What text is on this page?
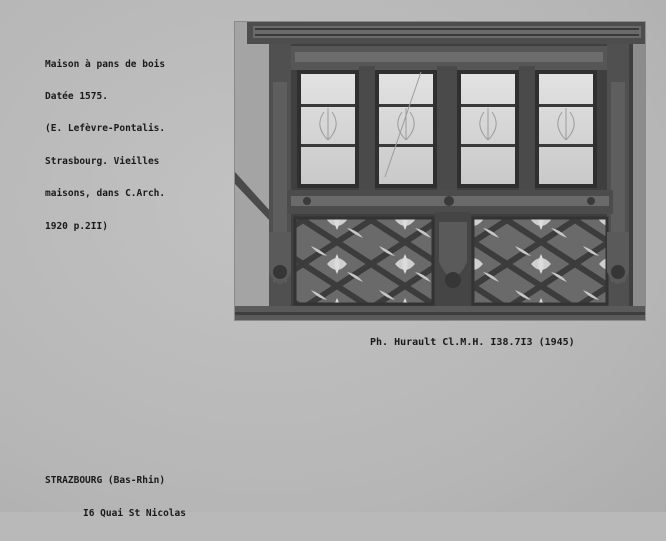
Maison à pans de bois

Datée 1575.

(E. Lefèvre-Pontalis.

Strasbourg. Vieilles

maisons, dans C.Arch.

1920 p.2II)

Ph. Hurault Cl.M.H. I38.7I3 (1945)

STRAZBOURG (Bas-Rhin)

I6 Quai St Nicolas
